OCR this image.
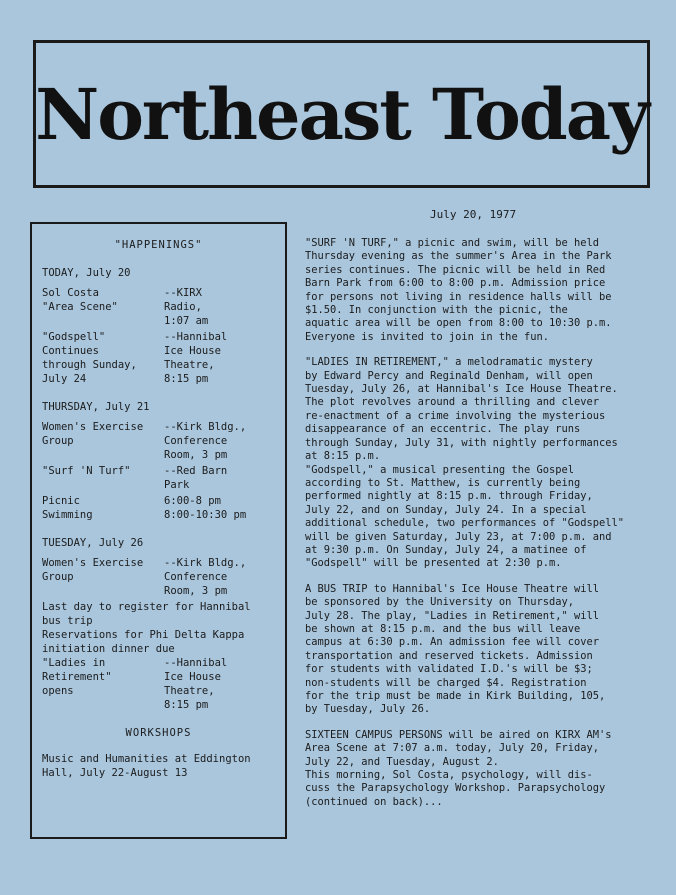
Northeast Today
July 20, 1977
"HAPPENINGS"
TODAY, July 20
Sol Costa
"Area Scene"
--KIRX
Radio,
1:07 am
"Godspell"
Continues
through Sunday,
July 24
--Hannibal
Ice House
Theatre,
8:15 pm
THURSDAY, July 21
Women's Exercise
Group
--Kirk Bldg.,
Conference
Room, 3 pm
"Surf 'N Turf"	--Red Barn
Park
Picnic
Swimming
6:00-8 pm
8:00-10:30 pm
TUESDAY, July 26
Women's Exercise
Group
--Kirk Bldg.,
Conference
Room, 3 pm
Last day to register for Hannibal
bus trip
Reservations for Phi Delta Kappa
initiation dinner due
"Ladies in
Retirement"
opens
--Hannibal
Ice House
Theatre,
8:15 pm
WORKSHOPS
Music and Humanities at Eddington
Hall, July 22-August 13

"SURF 'N TURF," a picnic and swim, will be held
Thursday evening as the summer's Area in the Park
series continues. The picnic will be held in Red
Barn Park from 6:00 to 8:00 p.m. Admission price
for persons not living in residence halls will be
$1.50. In conjunction with the picnic, the
aquatic area will be open from 8:00 to 10:30 p.m.
Everyone is invited to join in the fun.

"LADIES IN RETIREMENT," a melodramatic mystery
by Edward Percy and Reginald Denham, will open
Tuesday, July 26, at Hannibal's Ice House Theatre.
The plot revolves around a thrilling and clever
re-enactment of a crime involving the mysterious
disappearance of an eccentric. The play runs
through Sunday, July 31, with nightly performances
at 8:15 p.m.
"Godspell," a musical presenting the Gospel
according to St. Matthew, is currently being
performed nightly at 8:15 p.m. through Friday,
July 22, and on Sunday, July 24. In a special
additional schedule, two performances of "Godspell"
will be given Saturday, July 23, at 7:00 p.m. and
at 9:30 p.m. On Sunday, July 24, a matinee of
"Godspell" will be presented at 2:30 p.m.

A BUS TRIP to Hannibal's Ice House Theatre will
be sponsored by the University on Thursday,
July 28. The play, "Ladies in Retirement," will
be shown at 8:15 p.m. and the bus will leave
campus at 6:30 p.m. An admission fee will cover
transportation and reserved tickets. Admission
for students with validated I.D.'s will be $3;
non-students will be charged $4. Registration
for the trip must be made in Kirk Building, 105,
by Tuesday, July 26.

SIXTEEN CAMPUS PERSONS will be aired on KIRX AM's
Area Scene at 7:07 a.m. today, July 20, Friday,
July 22, and Tuesday, August 2.
This morning, Sol Costa, psychology, will dis-
cuss the Parapsychology Workshop. Parapsychology
(continued on back)...
